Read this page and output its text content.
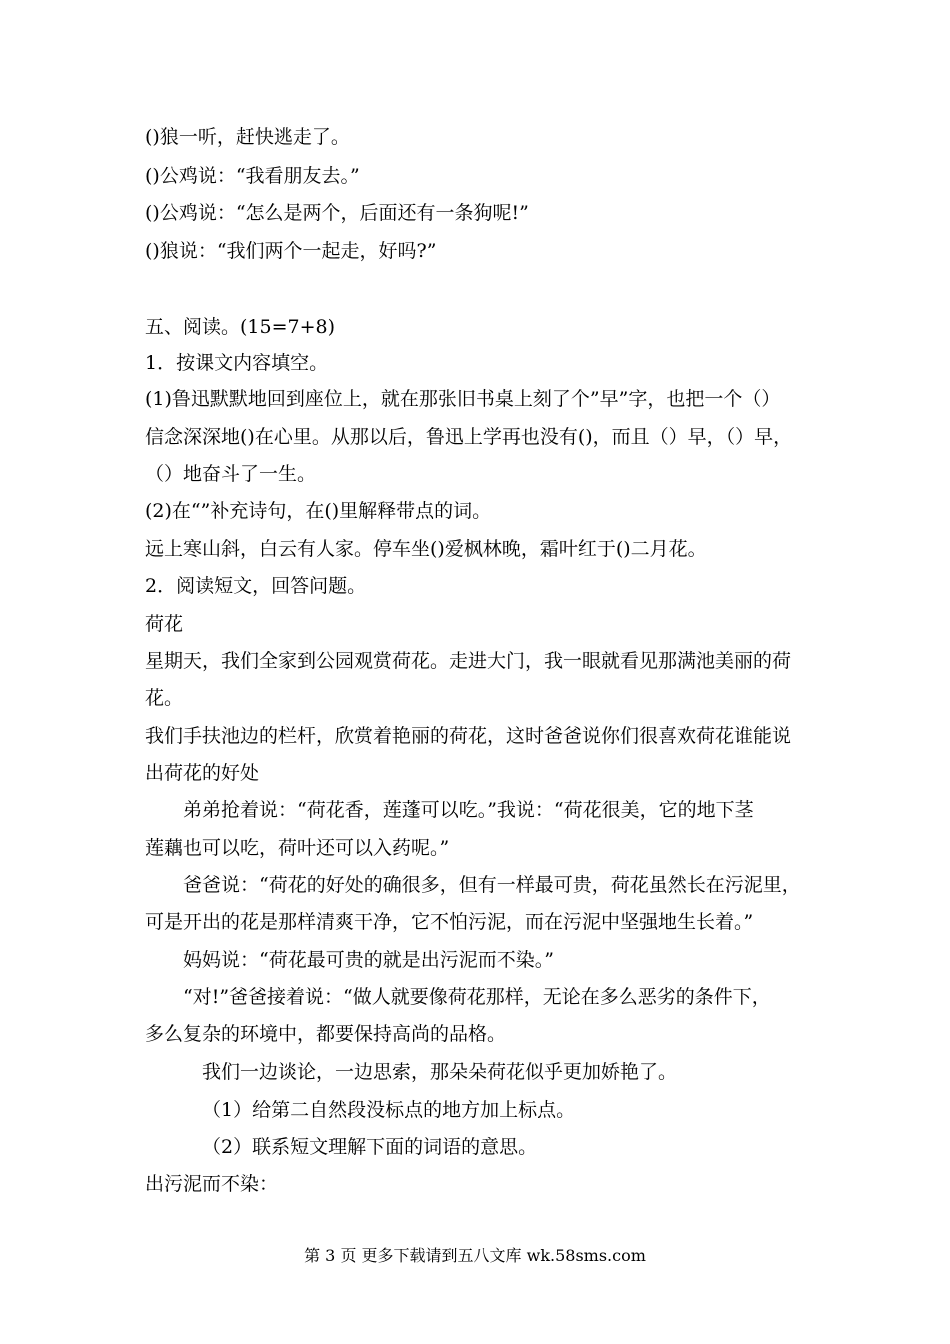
()狼一听，赶快逃走了。
()公鸡说：“我看朋友去。”
()公鸡说：“怎么是两个，后面还有一条狗呢!”
()狼说：“我们两个一起走，好吗?”
五、阅读。(15=7+8)
1．按课文内容填空。
(1)鲁迅默默地回到座位上，就在那张旧书桌上刻了个”早”字，也把一个（）
信念深深地()在心里。从那以后，鲁迅上学再也没有()，而且（）早，（）早，
（）地奋斗了一生。
(2)在“”补充诗句，在()里解释带点的词。
远上寒山斜，白云有人家。停车坐()爱枫林晚，霜叶红于()二月花。
2．阅读短文，回答问题。
荷花
星期天，我们全家到公园观赏荷花。走进大门，我一眼就看见那满池美丽的荷
花。
我们手扶池边的栏杆，欣赏着艳丽的荷花，这时爸爸说你们很喜欢荷花谁能说
出荷花的好处
弟弟抢着说：“荷花香，莲蓬可以吃。”我说：“荷花很美，它的地下茎
莲藕也可以吃，荷叶还可以入药呢。”
爸爸说：“荷花的好处的确很多，但有一样最可贵，荷花虽然长在污泥里，
可是开出的花是那样清爽干净，它不怕污泥，而在污泥中坚强地生长着。”
妈妈说：“荷花最可贵的就是出污泥而不染。”
“对!”爸爸接着说：“做人就要像荷花那样，无论在多么恶劣的条件下，
多么复杂的环境中，都要保持高尚的品格。
我们一边谈论，一边思索，那朵朵荷花似乎更加娇艳了。
（1）给第二自然段没标点的地方加上标点。
（2）联系短文理解下面的词语的意思。
出污泥而不染：
第 3 页 更多下载请到五八文库 wk.58sms.com
